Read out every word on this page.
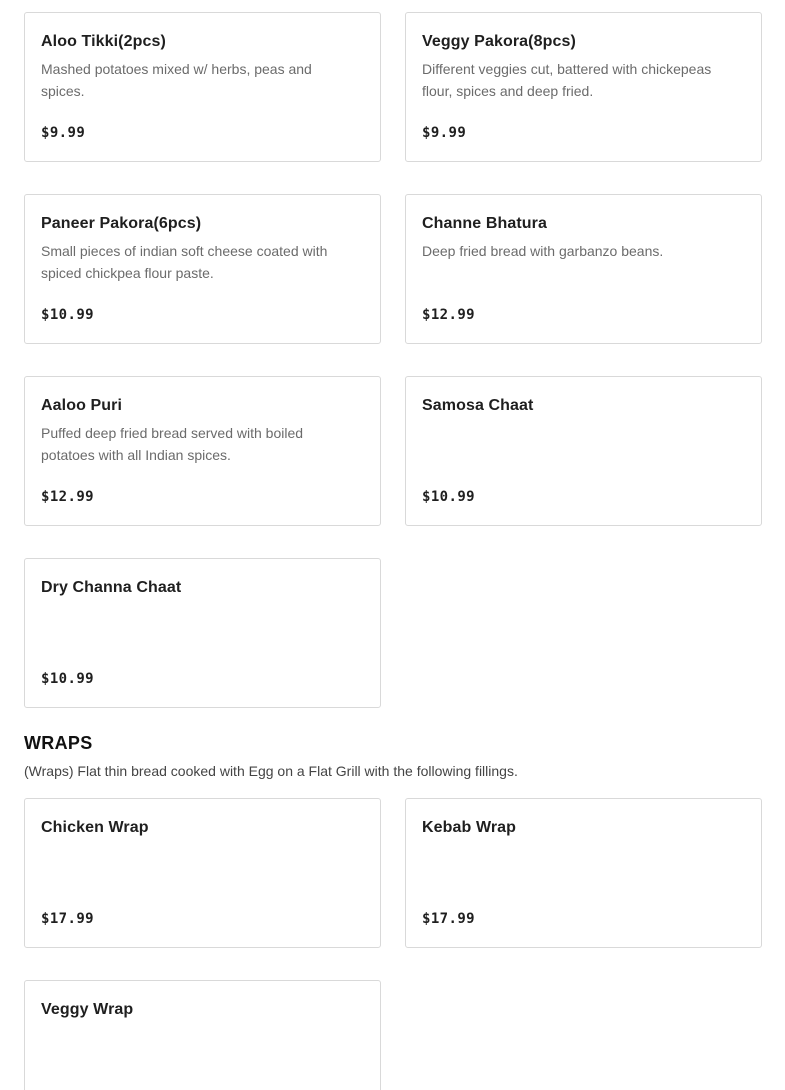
Aloo Tikki(2pcs)
Mashed potatoes mixed w/ herbs, peas and spices.
$9.99
Veggy Pakora(8pcs)
Different veggies cut, battered with chickepeas flour, spices and deep fried.
$9.99
Paneer Pakora(6pcs)
Small pieces of indian soft cheese coated with spiced chickpea flour paste.
$10.99
Channe Bhatura
Deep fried bread with garbanzo beans.
$12.99
Aaloo Puri
Puffed deep fried bread served with boiled potatoes with all Indian spices.
$12.99
Samosa Chaat
$10.99
Dry Channa Chaat
$10.99
WRAPS
(Wraps) Flat thin bread cooked with Egg on a Flat Grill with the following fillings.
Chicken Wrap
$17.99
Kebab Wrap
$17.99
Veggy Wrap
